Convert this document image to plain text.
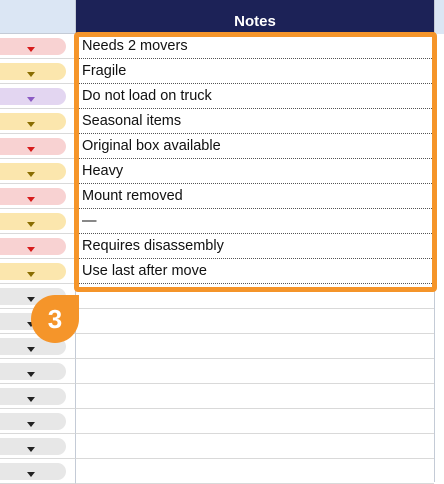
Notes
Needs 2 movers
Fragile
Do not load on truck
Seasonal items
Original box available
Heavy
Mount removed
—
Requires disassembly
Use last after move
3
